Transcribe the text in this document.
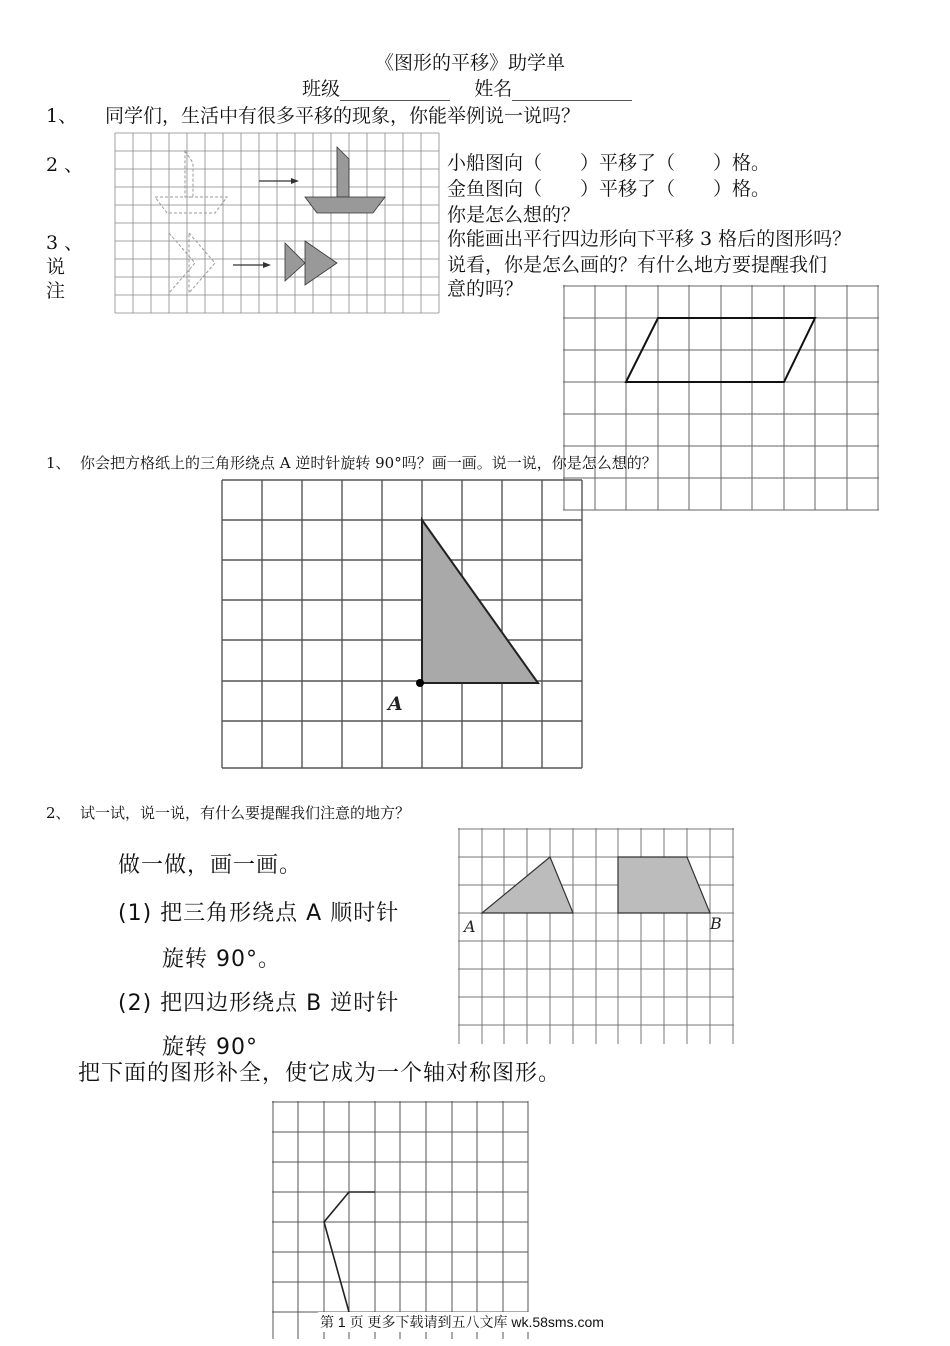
《图形的平移》助学单
班级	姓名
1、 同学们，生活中有很多平移的现象，你能举例说一说吗？
2 、
3 、
说
注
小船图向（　　）平移了（　　）格。
金鱼图向（　　）平移了（　　）格。
你是怎么想的？
你能画出平行四边形向下平移 3 格后的图形吗？
说看，你是怎么画的？有什么地方要提醒我们
意的吗？
1、 你会把方格纸上的三角形绕点 A 逆时针旋转 90°吗？画一画。说一说，你是怎么想的？
A
2、 试一试，说一说，有什么要提醒我们注意的地方？
做一做，画一画。
(1) 把三角形绕点 A 顺时针
旋转 90°。
(2) 把四边形绕点 B 逆时针
旋转 90°
A	B
把下面的图形补全，使它成为一个轴对称图形。
第 1 页 更多下载请到五八文库 wk.58sms.com
